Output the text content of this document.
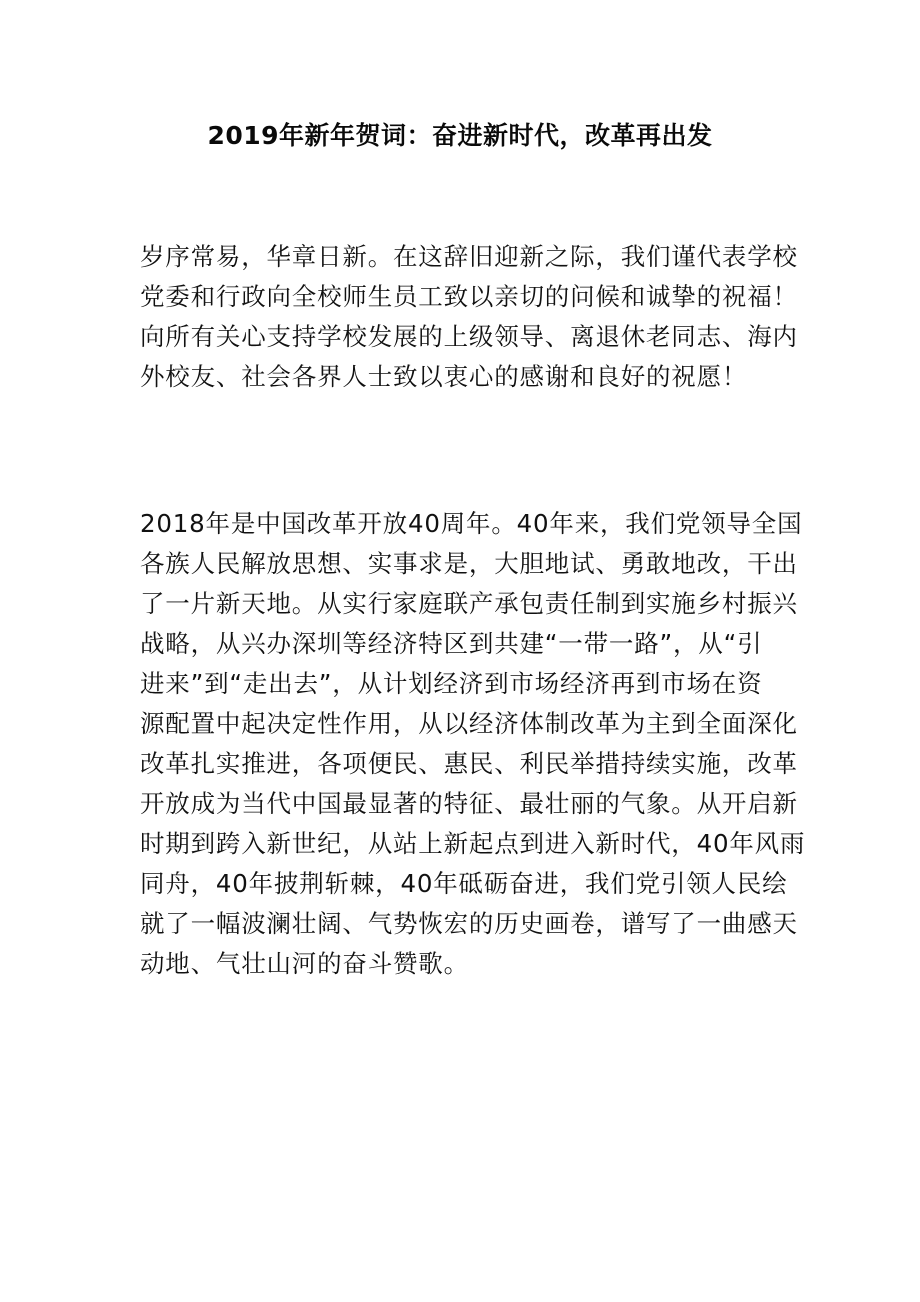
2019年新年贺词：奋进新时代，改革再出发
岁序常易，华章日新。在这辞旧迎新之际，我们谨代表学校
党委和行政向全校师生员工致以亲切的问候和诚挚的祝福！
向所有关心支持学校发展的上级领导、离退休老同志、海内
外校友、社会各界人士致以衷心的感谢和良好的祝愿！
2018年是中国改革开放40周年。40年来，我们党领导全国
各族人民解放思想、实事求是，大胆地试、勇敢地改，干出
了一片新天地。从实行家庭联产承包责任制到实施乡村振兴
战略，从兴办深圳等经济特区到共建“一带一路”，从“引
进来”到“走出去”，从计划经济到市场经济再到市场在资
源配置中起决定性作用，从以经济体制改革为主到全面深化
改革扎实推进，各项便民、惠民、利民举措持续实施，改革
开放成为当代中国最显著的特征、最壮丽的气象。从开启新
时期到跨入新世纪，从站上新起点到进入新时代，40年风雨
同舟，40年披荆斩棘，40年砥砺奋进，我们党引领人民绘
就了一幅波澜壮阔、气势恢宏的历史画卷，谱写了一曲感天
动地、气壮山河的奋斗赞歌。
